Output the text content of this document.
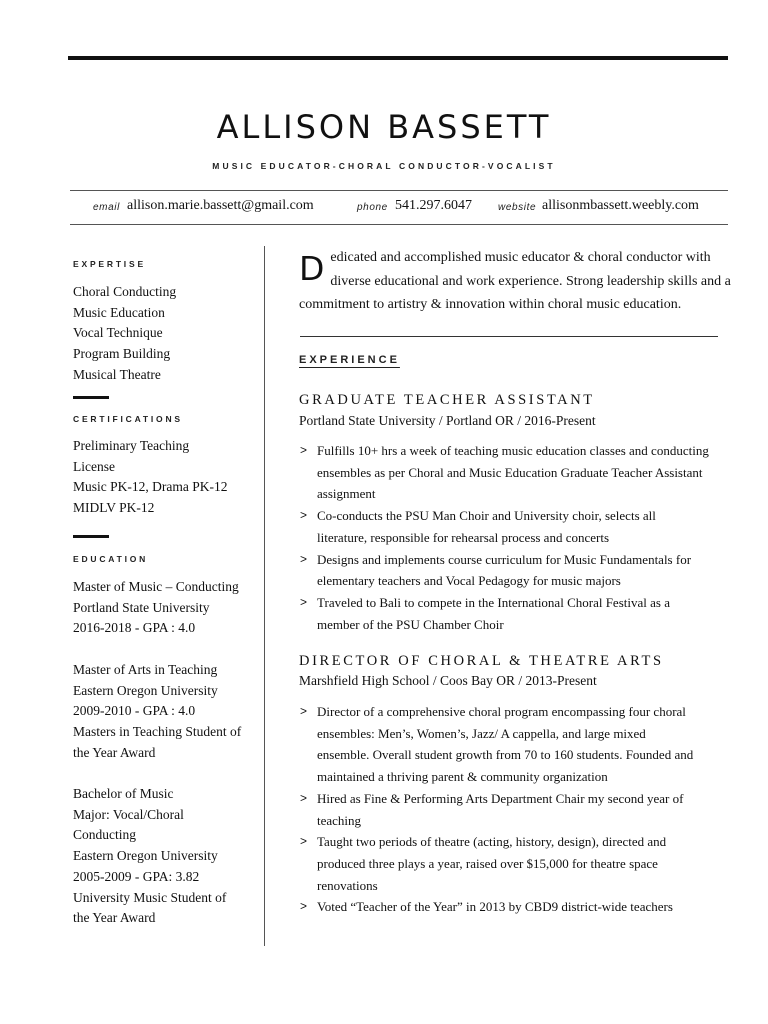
ALLISON BASSETT
MUSIC EDUCATOR-CHORAL CONDUCTOR-VOCALIST
email allison.marie.bassett@gmail.com	phone 541.297.6047	website allisonmbassett.weebly.com
EXPERTISE
Choral Conducting
Music Education
Vocal Technique
Program Building
Musical Theatre
CERTIFICATIONS
Preliminary Teaching
License
Music PK-12, Drama PK-12
MIDLV PK-12
EDUCATION
Master of Music – Conducting
Portland State University
2016-2018 - GPA : 4.0
Master of Arts in Teaching
Eastern Oregon University
2009-2010 - GPA : 4.0
Masters in Teaching Student of
the Year Award
Bachelor of Music
Major: Vocal/Choral
Conducting
Eastern Oregon University
2005-2009 - GPA: 3.82
University Music Student of
the Year Award
D edicated and accomplished music educator & choral conductor with diverse educational and work experience. Strong leadership skills and a commitment to artistry & innovation within choral music education.
EXPERIENCE
GRADUATE TEACHER ASSISTANT
Portland State University / Portland OR / 2016-Present
> Fulfills 10+ hrs a week of teaching music education classes and conducting
ensembles as per Choral and Music Education Graduate Teacher Assistant
assignment
> Co-conducts the PSU Man Choir and University choir, selects all
literature, responsible for rehearsal process and concerts
> Designs and implements course curriculum for Music Fundamentals for
elementary teachers and Vocal Pedagogy for music majors
> Traveled to Bali to compete in the International Choral Festival as a
member of the PSU Chamber Choir
DIRECTOR OF CHORAL & THEATRE ARTS
Marshfield High School / Coos Bay OR / 2013-Present
> Director of a comprehensive choral program encompassing four choral
ensembles: Men’s, Women’s, Jazz/ A cappella, and large mixed
ensemble. Overall student growth from 70 to 160 students. Founded and
maintained a thriving parent & community organization
> Hired as Fine & Performing Arts Department Chair my second year of
teaching
> Taught two periods of theatre (acting, history, design), directed and
produced three plays a year, raised over $15,000 for theatre space
renovations
> Voted “Teacher of the Year” in 2013 by CBD9 district-wide teachers
